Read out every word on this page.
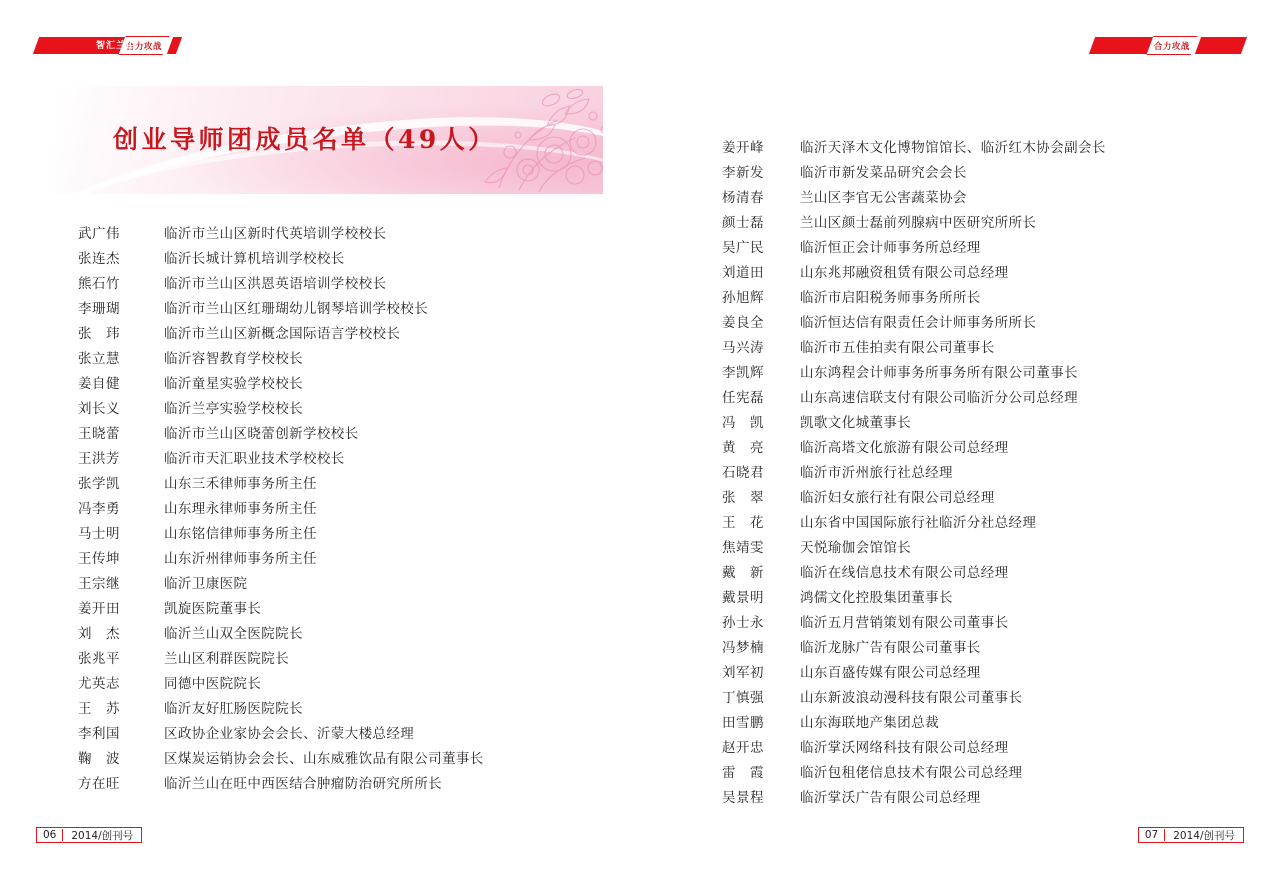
合力攻战
智汇兰山	合力攻战
智汇兰山
创业导师团成员名单（49人）
武广伟	临沂市兰山区新时代英培训学校校长
张连杰	临沂长城计算机培训学校校长
熊石竹	临沂市兰山区洪恩英语培训学校校长
李珊瑚	临沂市兰山区红珊瑚幼儿钢琴培训学校校长
张　玮	临沂市兰山区新概念国际语言学校校长
张立慧	临沂容智教育学校校长
姜自健	临沂童星实验学校校长
刘长义	临沂兰亭实验学校校长
王晓蕾	临沂市兰山区晓蕾创新学校校长
王洪芳	临沂市天汇职业技术学校校长
张学凯	山东三禾律师事务所主任
冯李勇	山东理永律师事务所主任
马士明	山东铭信律师事务所主任
王传坤	山东沂州律师事务所主任
王宗继	临沂卫康医院
姜开田	凯旋医院董事长
刘　杰	临沂兰山双全医院院长
张兆平	兰山区利群医院院长
尤英志	同德中医院院长
王　苏	临沂友好肛肠医院院长
李利国	区政协企业家协会会长、沂蒙大楼总经理
鞠　波	区煤炭运销协会会长、山东威雅饮品有限公司董事长
方在旺	临沂兰山在旺中西医结合肿瘤防治研究所所长
姜开峰	临沂天泽木文化博物馆馆长、临沂红木协会副会长
李新发	临沂市新发菜品研究会会长
杨清春	兰山区李官无公害蔬菜协会
颜士磊	兰山区颜士磊前列腺病中医研究所所长
吴广民	临沂恒正会计师事务所总经理
刘道田	山东兆邦融资租赁有限公司总经理
孙旭辉	临沂市启阳税务师事务所所长
姜良全	临沂恒达信有限责任会计师事务所所长
马兴涛	临沂市五佳拍卖有限公司董事长
李凯辉	山东鸿程会计师事务所事务所有限公司董事长
任宪磊	山东高速信联支付有限公司临沂分公司总经理
冯　凯	凯歌文化城董事长
黄　亮	临沂高塔文化旅游有限公司总经理
石晓君	临沂市沂州旅行社总经理
张　翠	临沂妇女旅行社有限公司总经理
王　花	山东省中国国际旅行社临沂分社总经理
焦靖雯	天悦瑜伽会馆馆长
戴　新	临沂在线信息技术有限公司总经理
戴景明	鸿儒文化控股集团董事长
孙士永	临沂五月营销策划有限公司董事长
冯梦楠	临沂龙脉广告有限公司董事长
刘军初	山东百盛传媒有限公司总经理
丁慎强	山东新波浪动漫科技有限公司董事长
田雪鹏	山东海联地产集团总裁
赵开忠	临沂掌沃网络科技有限公司总经理
雷　霞	临沂包租佬信息技术有限公司总经理
吴景程	临沂掌沃广告有限公司总经理
06	2014/创刊号	07	2014/创刊号
